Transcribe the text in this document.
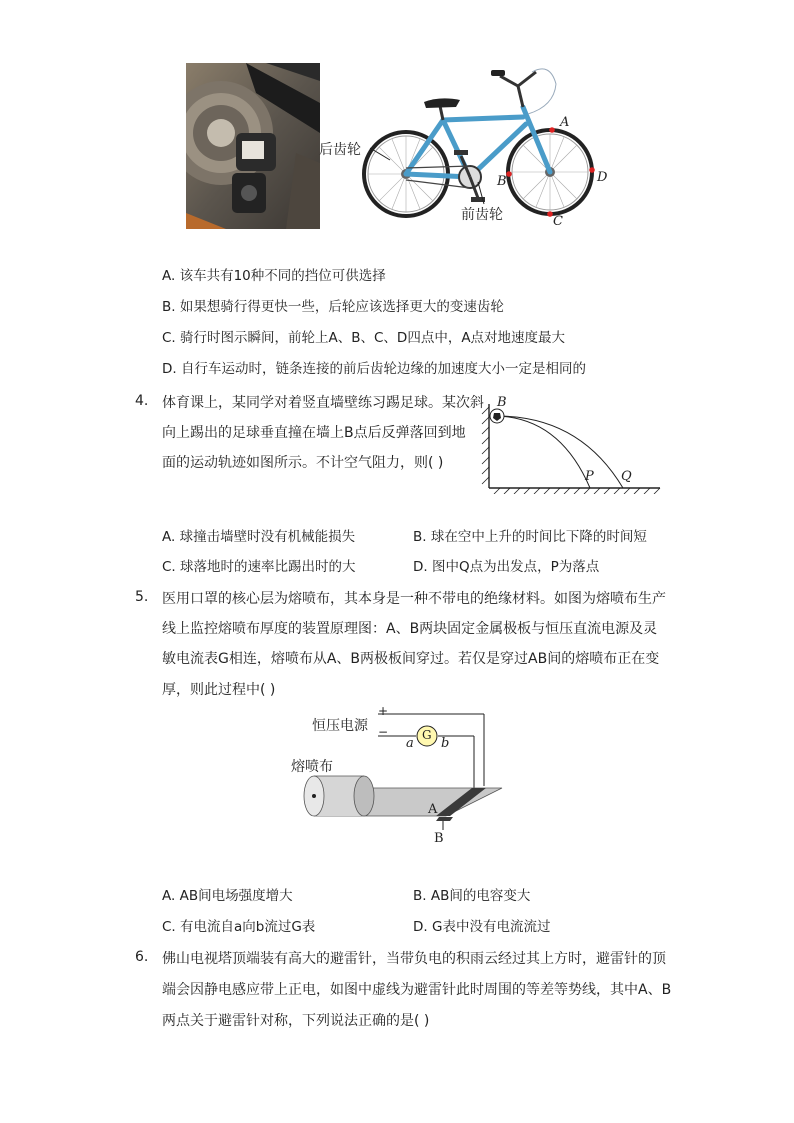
后齿轮
前齿轮
A
B
C
D
A. 该车共有10种不同的挡位可供选择
B. 如果想骑行得更快一些，后轮应该选择更大的变速齿轮
C. 骑行时图示瞬间，前轮上A、B、C、D四点中，A点对地速度最大
D. 自行车运动时，链条连接的前后齿轮边缘的加速度大小一定是相同的
4. 体育课上，某同学对着竖直墙壁练习踢足球。某次斜
向上踢出的足球垂直撞在墙上B点后反弹落回到地
面的运动轨迹如图所示。不计空气阻力，则( )
B
P Q
A. 球撞击墙壁时没有机械能损失	B. 球在空中上升的时间比下降的时间短
C. 球落地时的速率比踢出时的大	D. 图中Q点为出发点，P为落点
5. 医用口罩的核心层为熔喷布，其本身是一种不带电的绝缘材料。如图为熔喷布生产
线上监控熔喷布厚度的装置原理图：A、B两块固定金属极板与恒压直流电源及灵
敏电流表G相连，熔喷布从A、B两极板间穿过。若仅是穿过AB间的熔喷布正在变
厚，则此过程中( )
恒压电源
+
−	G
a b
熔喷布
A
B
A. AB间电场强度增大	B. AB间的电容变大
C. 有电流自a向b流过G表	D. G表中没有电流流过
6. 佛山电视塔顶端装有高大的避雷针，当带负电的积雨云经过其上方时，避雷针的顶
端会因静电感应带上正电，如图中虚线为避雷针此时周围的等差等势线，其中A、B
两点关于避雷针对称，下列说法正确的是( )
